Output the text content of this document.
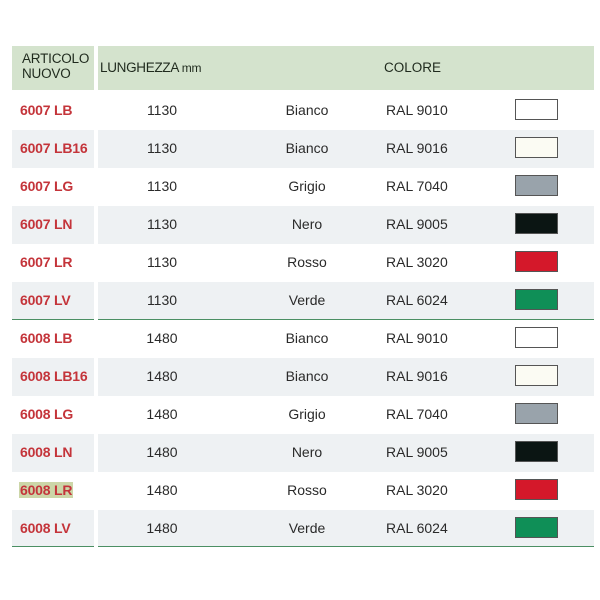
ARTICOLO
NUOVO	LUNGHEZZA mm	COLORE
6007 LB	1130	Bianco	RAL 9010
6007 LB16	1130	Bianco	RAL 9016
6007 LG	1130	Grigio	RAL 7040
6007 LN	1130	Nero	RAL 9005
6007 LR	1130	Rosso	RAL 3020
6007 LV	1130	Verde	RAL 6024
6008 LB	1480	Bianco	RAL 9010
6008 LB16	1480	Bianco	RAL 9016
6008 LG	1480	Grigio	RAL 7040
6008 LN	1480	Nero	RAL 9005
6008 LR	1480	Rosso	RAL 3020
6008 LV	1480	Verde	RAL 6024
